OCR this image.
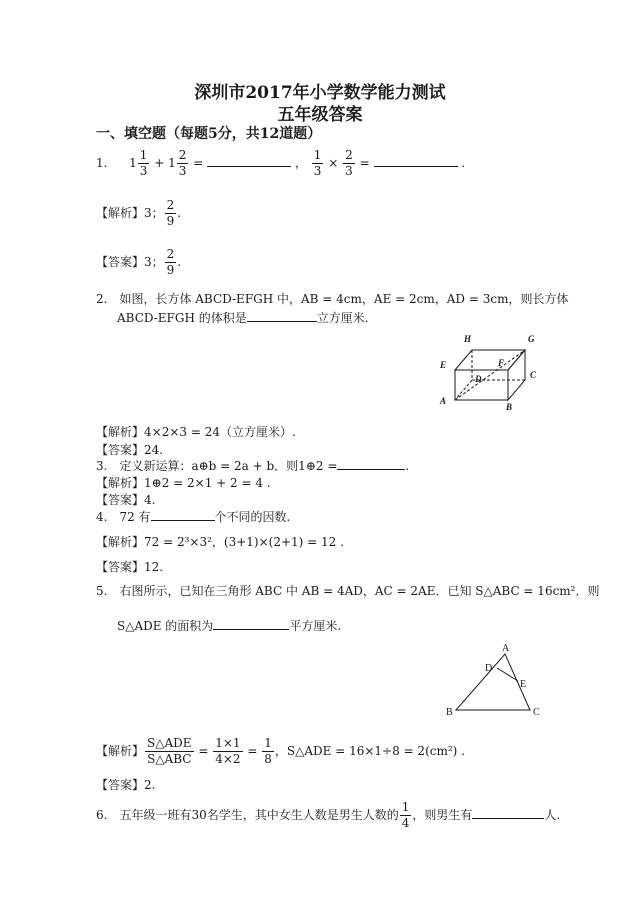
深圳市2017年小学数学能力测试
五年级答案
一、填空题（每题5分，共12道题）
1. $1 \frac{1}{3} + 1 \frac{2}{3}$ =	， $\frac{1}{3} \times \frac{2}{3}$ =	.
【解析】3； $\frac{2}{9}$ .
【答案】3； $\frac{2}{9}$ .
2. 如图，长方体 ABCD-EFGH 中，AB = 4cm，AE = 2cm，AD = 3cm，则长方体
ABCD-EFGH 的体积是	立方厘米.
H	G
E	F
D	C
A
B
【解析】4×2×3 = 24（立方厘米）.
【答案】24.
3. 定义新运算：a⊕b = 2a + b．则1⊕2 =	.
【解析】1⊕2 = 2×1 + 2 = 4 .
【答案】4.
4. 72 有	个不同的因数.
【解析】72 = 2³×3²，(3+1)×(2+1) = 12 .
【答案】12.
5. 右图所示，已知在三角形 ABC 中 AB = 4AD，AC = 2AE．已知 S△ABC = 16cm²．则
S△ADE 的面积为	平方厘米.
A
D
E
B	C
【解析】 $\frac{\text{S△ADE}}{\text{S△ABC}} = \frac{1\times 1}{4\times 2} = \frac{1}{8}$ ，S△ADE = 16×1÷8 = 2(cm²) .
【答案】2.
6. 五年级一班有30名学生，其中女生人数是男生人数的 $\frac{1}{4}$ ，则男生有	人.
